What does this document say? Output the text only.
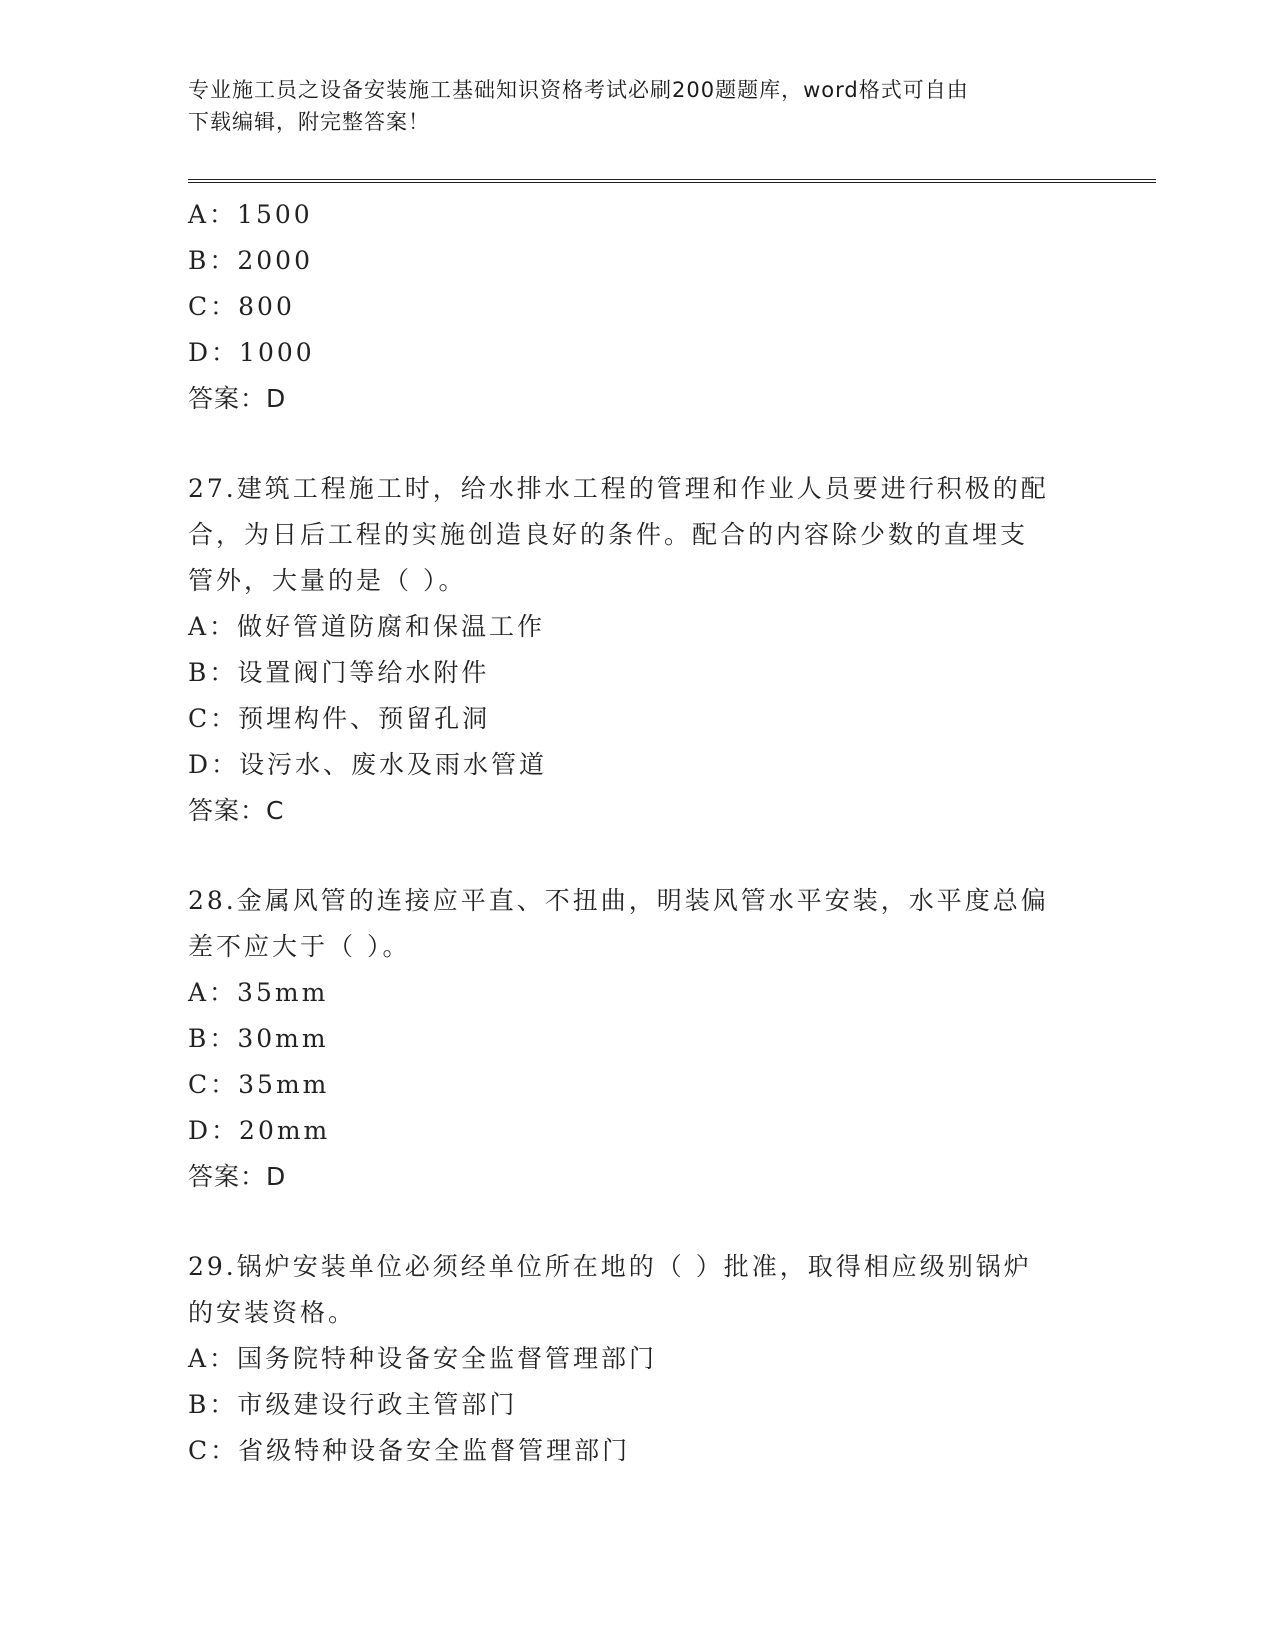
专业施工员之设备安装施工基础知识资格考试必刷200题题库，word格式可自由
下载编辑，附完整答案！
A：1500
B：2000
C：800
D：1000
答案：D
27.建筑工程施工时，给水排水工程的管理和作业人员要进行积极的配
合，为日后工程的实施创造良好的条件。配合的内容除少数的直埋支
管外，大量的是（ ）。
A：做好管道防腐和保温工作
B：设置阀门等给水附件
C：预埋构件、预留孔洞
D：设污水、废水及雨水管道
答案：C
28.金属风管的连接应平直、不扭曲，明装风管水平安装，水平度总偏
差不应大于（ ）。
A：35mm
B：30mm
C：35mm
D：20mm
答案：D
29.锅炉安装单位必须经单位所在地的（ ）批准，取得相应级别锅炉
的安装资格。
A：国务院特种设备安全监督管理部门
B：市级建设行政主管部门
C：省级特种设备安全监督管理部门
